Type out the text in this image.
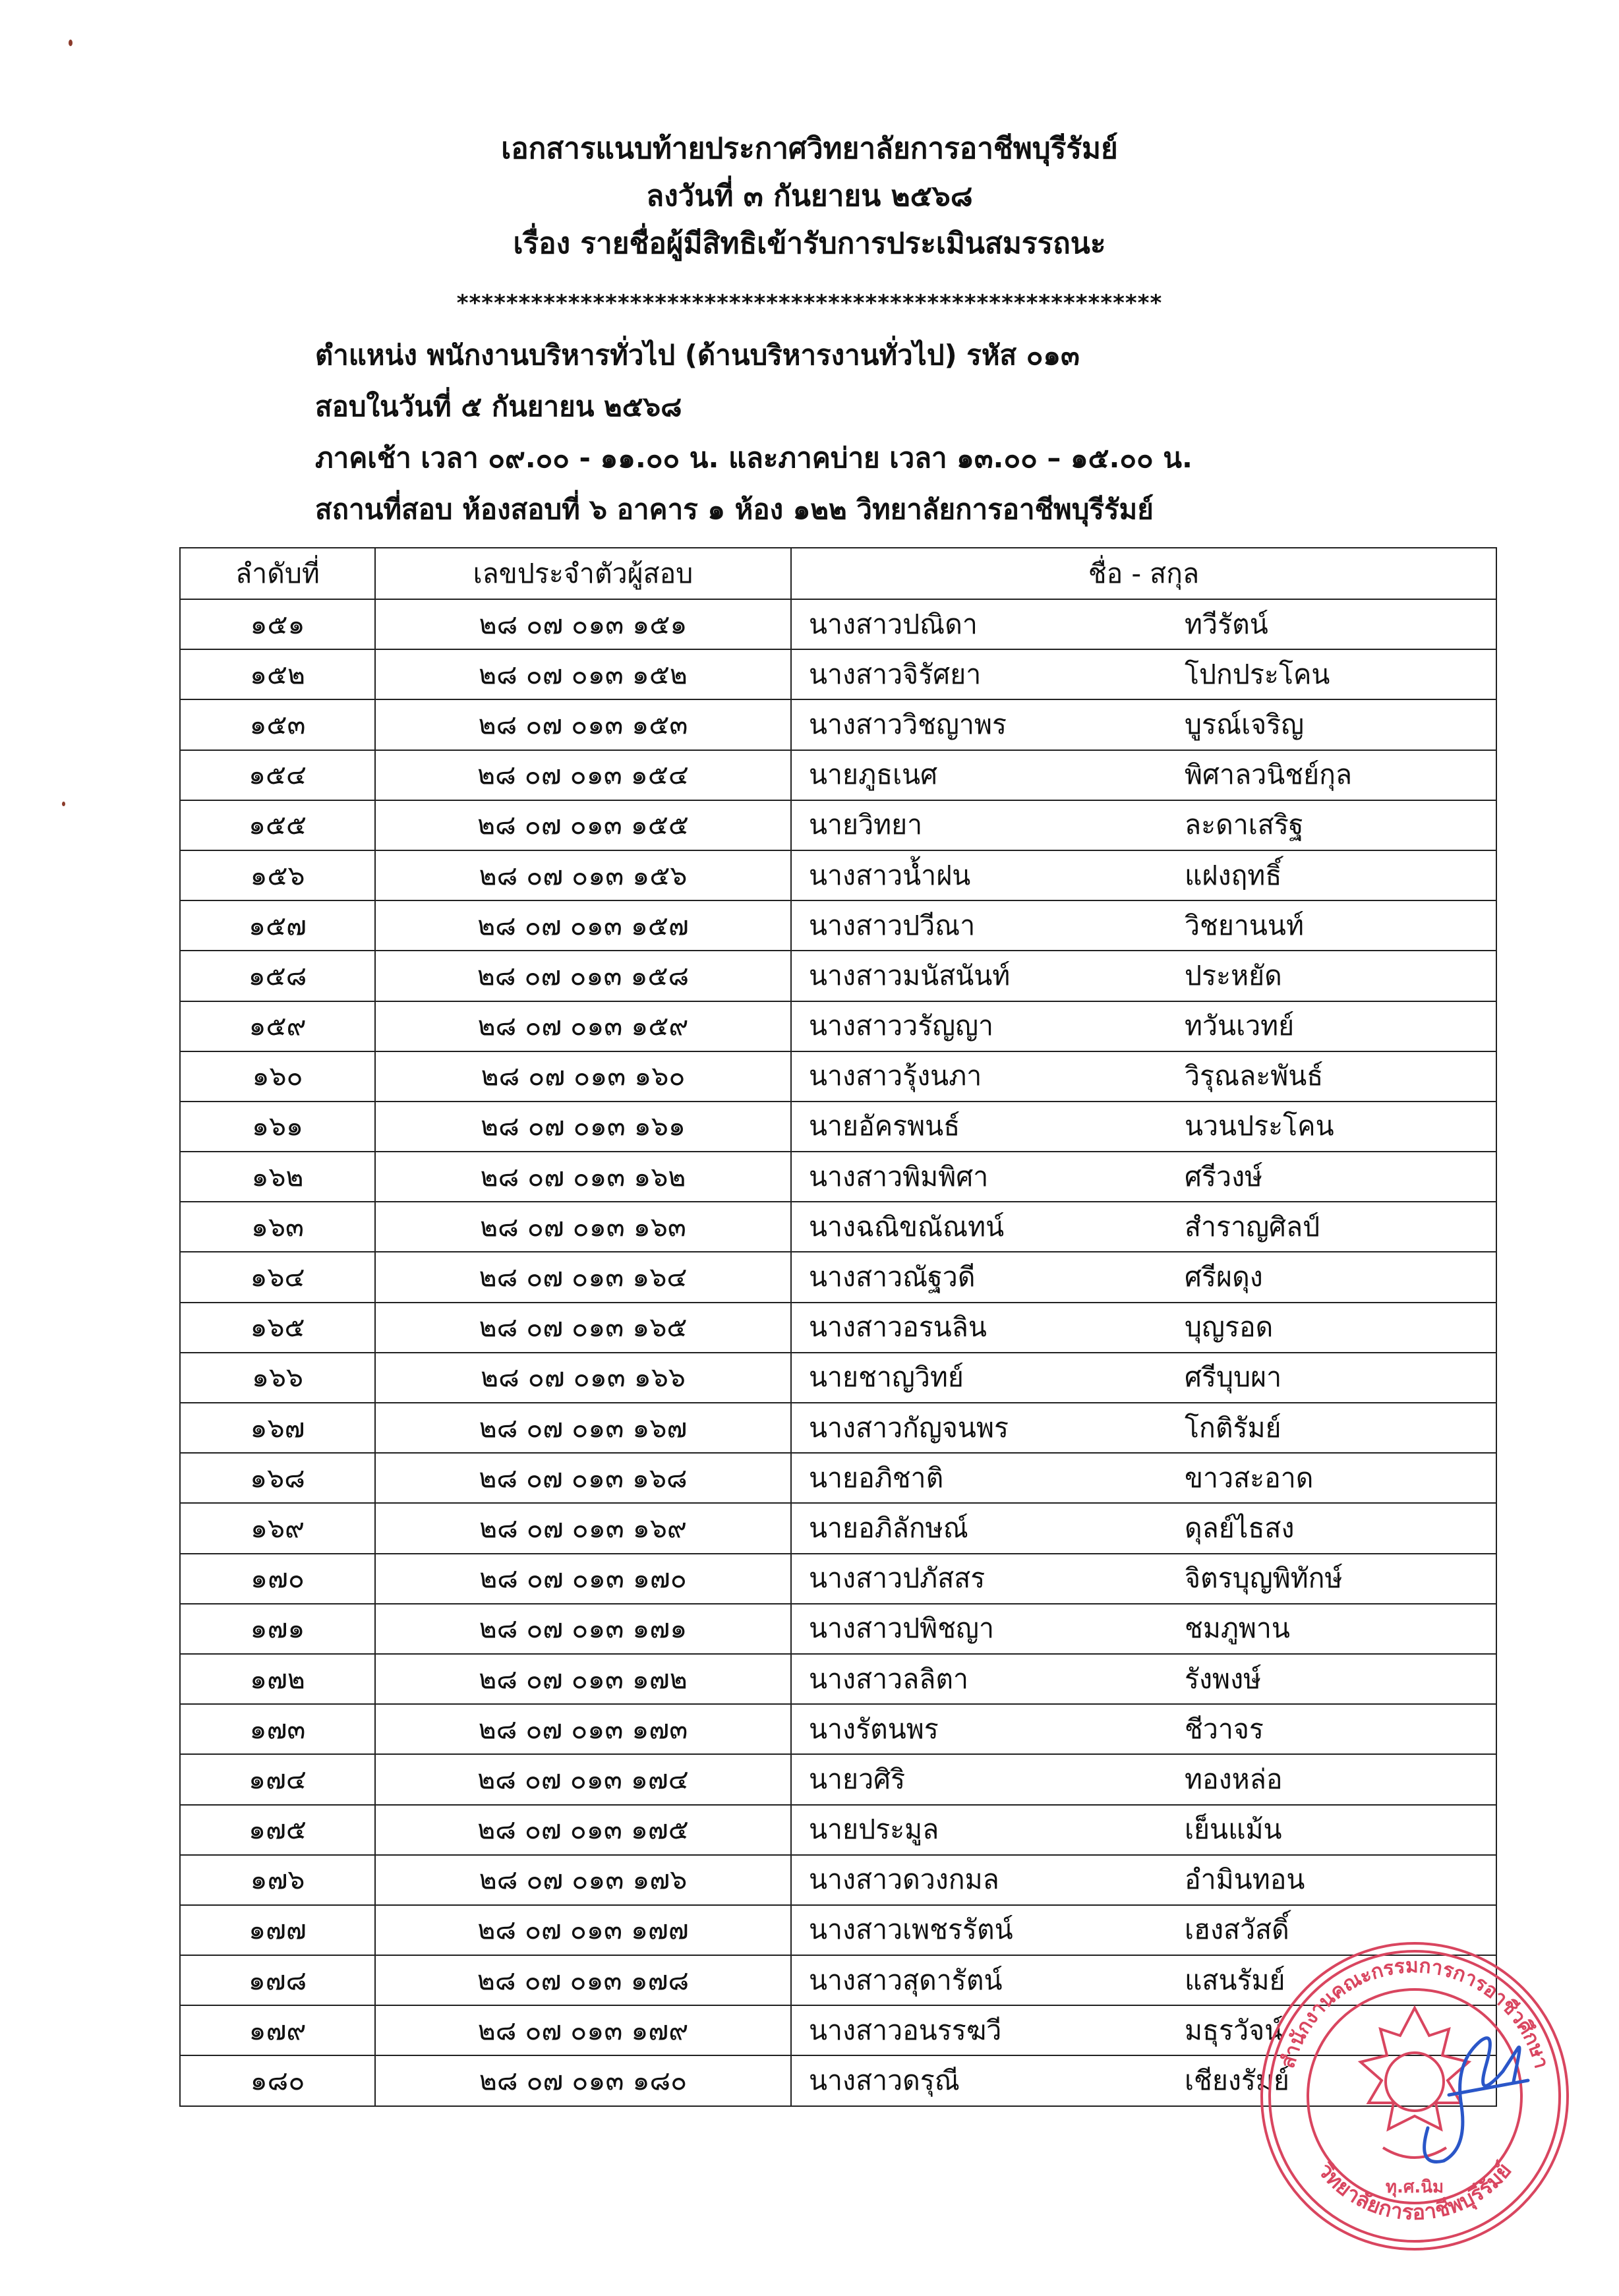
เอกสารแนบท้ายประกาศวิทยาลัยการอาชีพบุรีรัมย์
ลงวันที่ ๓ กันยายน ๒๕๖๘
เรื่อง รายชื่อผู้มีสิทธิเข้ารับการประเมินสมรรถนะ
*********************************************************
ตำแหน่ง พนักงานบริหารทั่วไป (ด้านบริหารงานทั่วไป) รหัส ๐๑๓
สอบในวันที่ ๕ กันยายน ๒๕๖๘
ภาคเช้า เวลา ๐๙.๐๐ - ๑๑.๐๐ น. และภาคบ่าย เวลา ๑๓.๐๐ – ๑๕.๐๐ น.
สถานที่สอบ ห้องสอบที่ ๖ อาคาร ๑ ห้อง ๑๒๒ วิทยาลัยการอาชีพบุรีรัมย์
ลำดับที่	เลขประจำตัวผู้สอบ	ชื่อ - สกุล
๑๕๑	๒๘ ๐๗ ๐๑๓ ๑๕๑	นางสาวปณิดา ทวีรัตน์
๑๕๒	๒๘ ๐๗ ๐๑๓ ๑๕๒	นางสาวจิรัศยา โปกประโคน
๑๕๓	๒๘ ๐๗ ๐๑๓ ๑๕๓	นางสาววิชญาพร บูรณ์เจริญ
๑๕๔	๒๘ ๐๗ ๐๑๓ ๑๕๔	นายภูธเนศ พิศาลวนิชย์กุล
๑๕๕	๒๘ ๐๗ ๐๑๓ ๑๕๕	นายวิทยา ละดาเสริฐ
๑๕๖	๒๘ ๐๗ ๐๑๓ ๑๕๖	นางสาวน้ำฝน แฝงฤทธิ์
๑๕๗	๒๘ ๐๗ ๐๑๓ ๑๕๗	นางสาวปวีณา วิชยานนท์
๑๕๘	๒๘ ๐๗ ๐๑๓ ๑๕๘	นางสาวมนัสนันท์ ประหยัด
๑๕๙	๒๘ ๐๗ ๐๑๓ ๑๕๙	นางสาววรัญญา ทวันเวทย์
๑๖๐	๒๘ ๐๗ ๐๑๓ ๑๖๐	นางสาวรุ้งนภา วิรุณละพันธ์
๑๖๑	๒๘ ๐๗ ๐๑๓ ๑๖๑	นายอัครพนธ์ นวนประโคน
๑๖๒	๒๘ ๐๗ ๐๑๓ ๑๖๒	นางสาวพิมพิศา ศรีวงษ์
๑๖๓	๒๘ ๐๗ ๐๑๓ ๑๖๓	นางฉณิขณัณทน์ สำราญศิลป์
๑๖๔	๒๘ ๐๗ ๐๑๓ ๑๖๔	นางสาวณัฐวดี ศรีผดุง
๑๖๕	๒๘ ๐๗ ๐๑๓ ๑๖๕	นางสาวอรนลิน บุญรอด
๑๖๖	๒๘ ๐๗ ๐๑๓ ๑๖๖	นายชาญวิทย์ ศรีบุบผา
๑๖๗	๒๘ ๐๗ ๐๑๓ ๑๖๗	นางสาวกัญจนพร โกติรัมย์
๑๖๘	๒๘ ๐๗ ๐๑๓ ๑๖๘	นายอภิชาติ ขาวสะอาด
๑๖๙	๒๘ ๐๗ ๐๑๓ ๑๖๙	นายอภิลักษณ์ ดุลย์ไธสง
๑๗๐	๒๘ ๐๗ ๐๑๓ ๑๗๐	นางสาวปภัสสร จิตรบุญพิทักษ์
๑๗๑	๒๘ ๐๗ ๐๑๓ ๑๗๑	นางสาวปพิชญา ชมภูพาน
๑๗๒	๒๘ ๐๗ ๐๑๓ ๑๗๒	นางสาวลลิตา รังพงษ์
๑๗๓	๒๘ ๐๗ ๐๑๓ ๑๗๓	นางรัตนพร ชีวาจร
๑๗๔	๒๘ ๐๗ ๐๑๓ ๑๗๔	นายวศิริ ทองหล่อ
๑๗๕	๒๘ ๐๗ ๐๑๓ ๑๗๕	นายประมูล เย็นแม้น
๑๗๖	๒๘ ๐๗ ๐๑๓ ๑๗๖	นางสาวดวงกมล อำมินทอน
๑๗๗	๒๘ ๐๗ ๐๑๓ ๑๗๗	นางสาวเพชรรัตน์ เฮงสวัสดิ์
๑๗๘	๒๘ ๐๗ ๐๑๓ ๑๗๘	นางสาวสุดารัตน์ แสนรัมย์
๑๗๙	๒๘ ๐๗ ๐๑๓ ๑๗๙	นางสาวอนรรฆวี มธุรวัจน์
๑๘๐	๒๘ ๐๗ ๐๑๓ ๑๘๐	นางสาวดรุณี เชียงรัมย์
สำนักงานคณะกรรมการการอาชีวศึกษา
วิทยาลัยการอาชีพบุรีรัมย์
ทุ.ศ.นิม
